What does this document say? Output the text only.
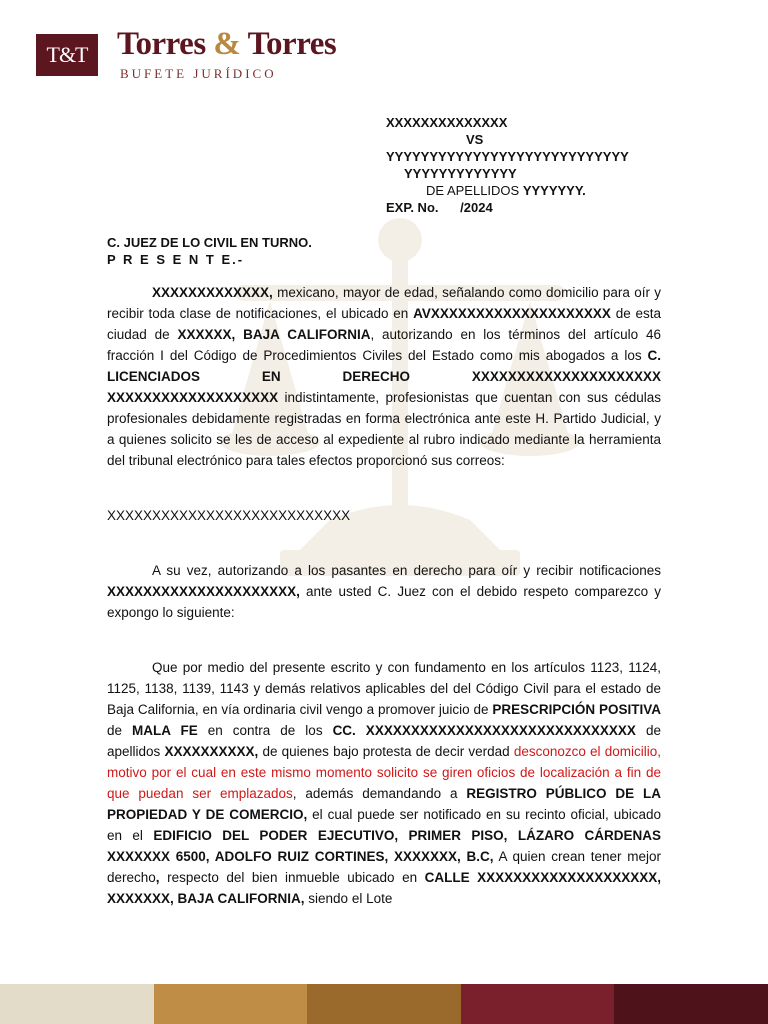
T&T Torres & Torres
BUFETE JURÍDICO
XXXXXXXXXXXXXX
VS
YYYYYYYYYYYYYYYYYYYYYYYYYYYY
YYYYYYYYYYYYY
DE APELLIDOS YYYYYYY.
EXP. No.      /2024
C. JUEZ DE LO CIVIL EN TURNO.
P R E S E N T E.-

XXXXXXXXXXXXX, mexicano, mayor de edad, señalando como domicilio para oír y recibir toda clase de notificaciones, el ubicado en AVXXXXXXXXXXXXXXXXXXXX de esta ciudad de XXXXXX, BAJA CALIFORNIA, autorizando en los términos del artículo 46 fracción I del Código de Procedimientos Civiles del Estado como mis abogados a los C. LICENCIADOS EN DERECHO XXXXXXXXXXXXXXXXXXXXX XXXXXXXXXXXXXXXXXXX indistintamente, profesionistas que cuentan con sus cédulas profesionales debidamente registradas en forma electrónica ante este H. Partido Judicial, y a quienes solicito se les de acceso al expediente al rubro indicado mediante la herramienta del tribunal electrónico para tales efectos proporcionó sus correos:

XXXXXXXXXXXXXXXXXXXXXXXXXXX

A su vez, autorizando a los pasantes en derecho para oír y recibir notificaciones XXXXXXXXXXXXXXXXXXXXX, ante usted C. Juez con el debido respeto comparezco y expongo lo siguiente:

Que por medio del presente escrito y con fundamento en los artículos 1123, 1124, 1125, 1138, 1139, 1143 y demás relativos aplicables del del Código Civil para el estado de Baja California, en vía ordinaria civil vengo a promover juicio de PRESCRIPCIÓN POSITIVA de MALA FE en contra de los CC. XXXXXXXXXXXXXXXXXXXXXXXXXXXXXX de apellidos XXXXXXXXXX, de quienes bajo protesta de decir verdad desconozco el domicilio, motivo por el cual en este mismo momento solicito se giren oficios de localización a fin de que puedan ser emplazados, además demandando a REGISTRO PÚBLICO DE LA PROPIEDAD Y DE COMERCIO, el cual puede ser notificado en su recinto oficial, ubicado en el EDIFICIO DEL PODER EJECUTIVO, PRIMER PISO, LÁZARO CÁRDENAS XXXXXXX 6500, ADOLFO RUIZ CORTINES, XXXXXXX, B.C, A quien crean tener mejor derecho, respecto del bien inmueble ubicado en CALLE XXXXXXXXXXXXXXXXXXXX, XXXXXXX, BAJA CALIFORNIA, siendo el Lote
